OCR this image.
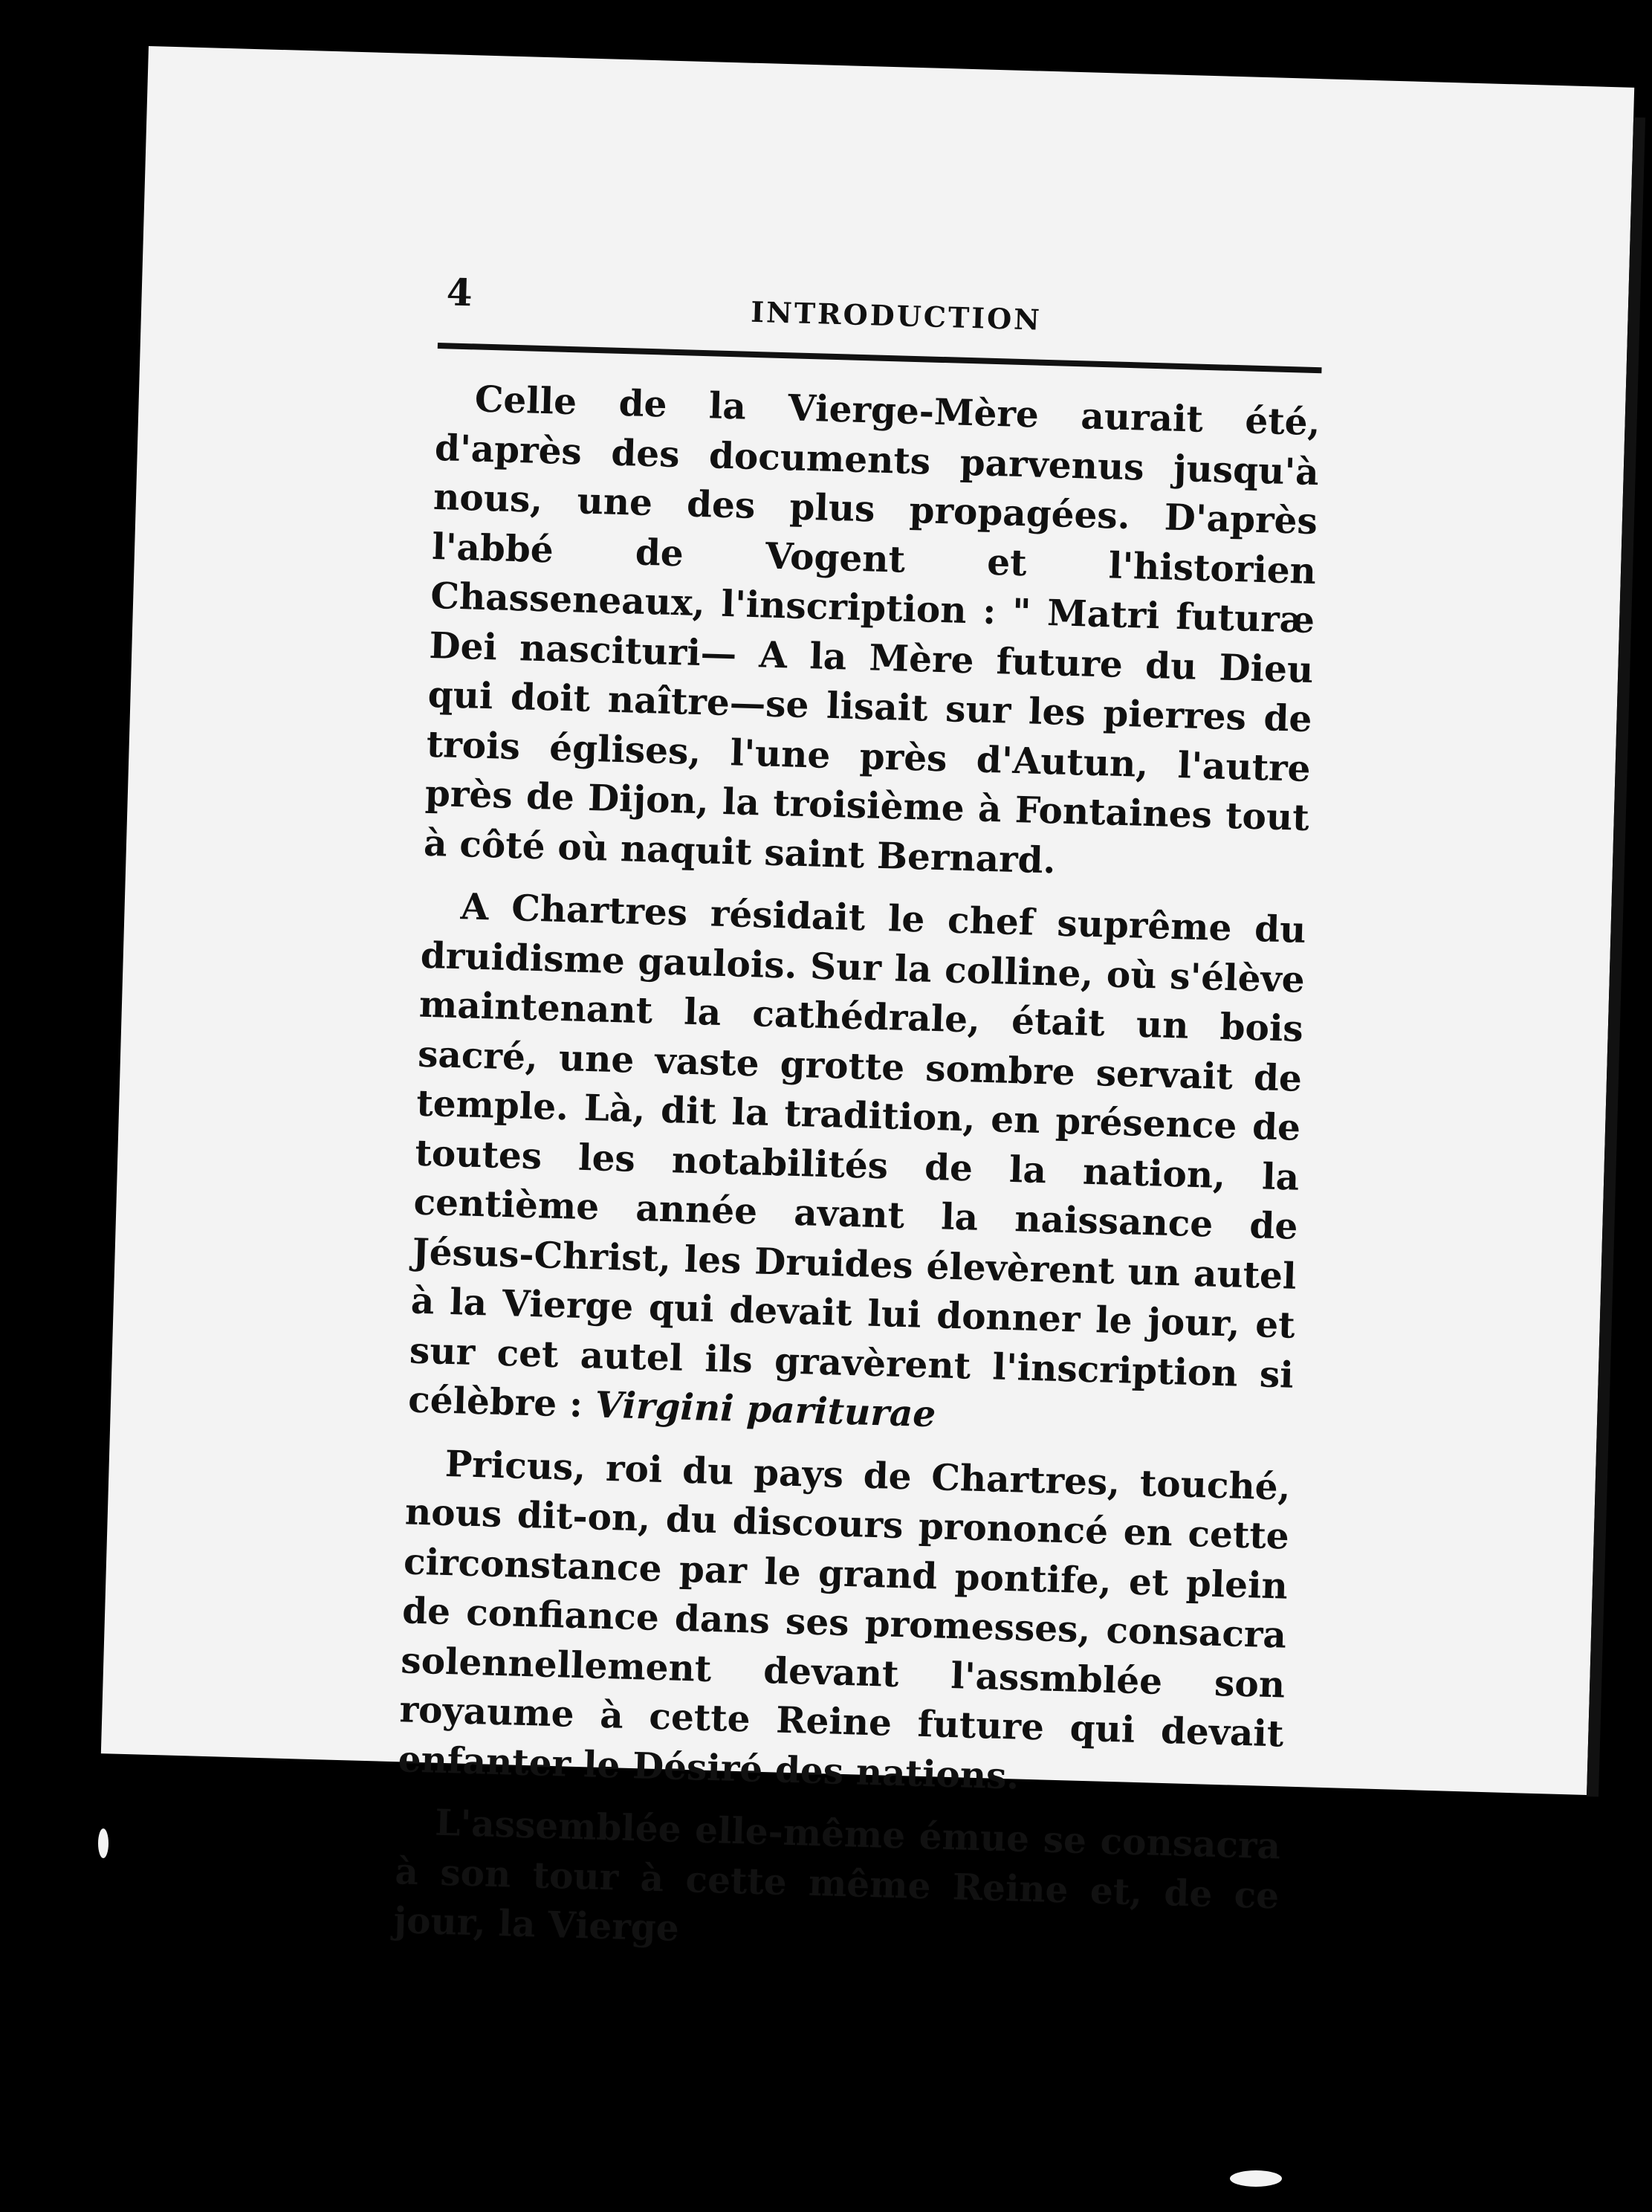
4
INTRODUCTION

Celle de la Vierge-Mère aurait été, d'après des documents parvenus jusqu'à nous, une des plus propagées. D'après l'abbé de Vogent et l'historien Chasseneaux, l'inscription : " Matri futuræ Dei nascituri— A la Mère future du Dieu qui doit naître—se lisait sur les pierres de trois églises, l'une près d'Autun, l'autre près de Dijon, la troisième à Fontaines tout à côté où naquit saint Bernard.

A Chartres résidait le chef suprême du druidisme gaulois. Sur la colline, où s'élève maintenant la cathédrale, était un bois sacré, une vaste grotte sombre servait de temple. Là, dit la tradition, en présence de toutes les notabilités de la nation, la centième année avant la naissance de Jésus-Christ, les Druides élevèrent un autel à la Vierge qui devait lui donner le jour, et sur cet autel ils gravèrent l'inscription si célèbre : Virgini pariturae

Pricus, roi du pays de Chartres, touché, nous dit-on, du discours prononcé en cette circonstance par le grand pontife, et plein de confiance dans ses promesses, consacra solennellement devant l'assmblée son royaume à cette Reine future qui devait enfanter le Désiré des nations.

L'assemblée elle-même émue se consacra à son tour à cette même Reine et, de ce jour, la Vierge
